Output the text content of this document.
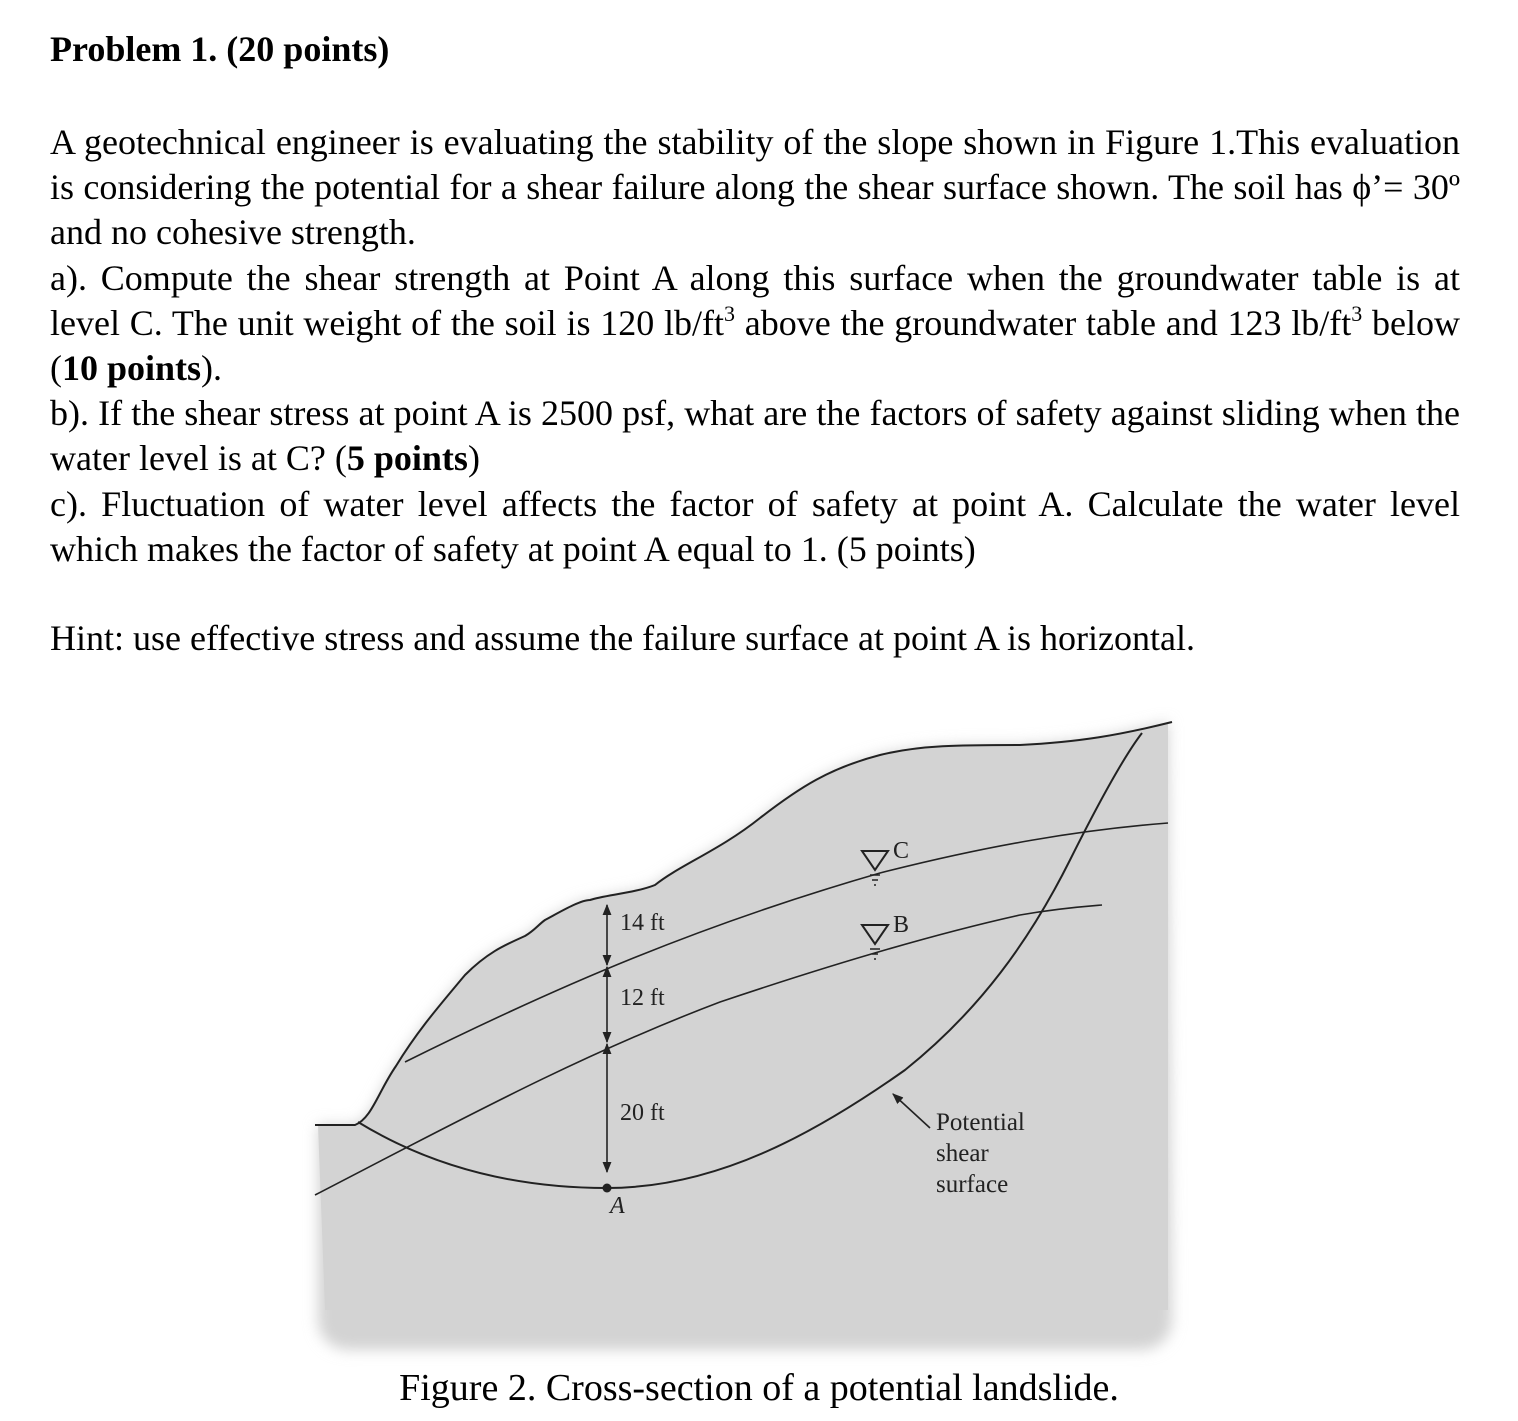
Problem 1. (20 points)

A geotechnical engineer is evaluating the stability of the slope shown in Figure 1.This evaluation is considering the potential for a shear failure along the shear surface shown. The soil has ϕ’= 30º and no cohesive strength.

a). Compute the shear strength at Point A along this surface when the groundwater table is at level C. The unit weight of the soil is 120 $lb/ft^3$ above the groundwater table and 123 $lb/ft^3$ below (10 points).

b). If the shear stress at point A is 2500 psf, what are the factors of safety against sliding when the water level is at C? (5 points)

c). Fluctuation of water level affects the factor of safety at point A. Calculate the water level which makes the factor of safety at point A equal to 1. (5 points)

Hint: use effective stress and assume the failure surface at point A is horizontal.

14 ft
12 ft
20 ft
A
C
B
Potential
shear
surface

Figure 2. Cross-section of a potential landslide.
